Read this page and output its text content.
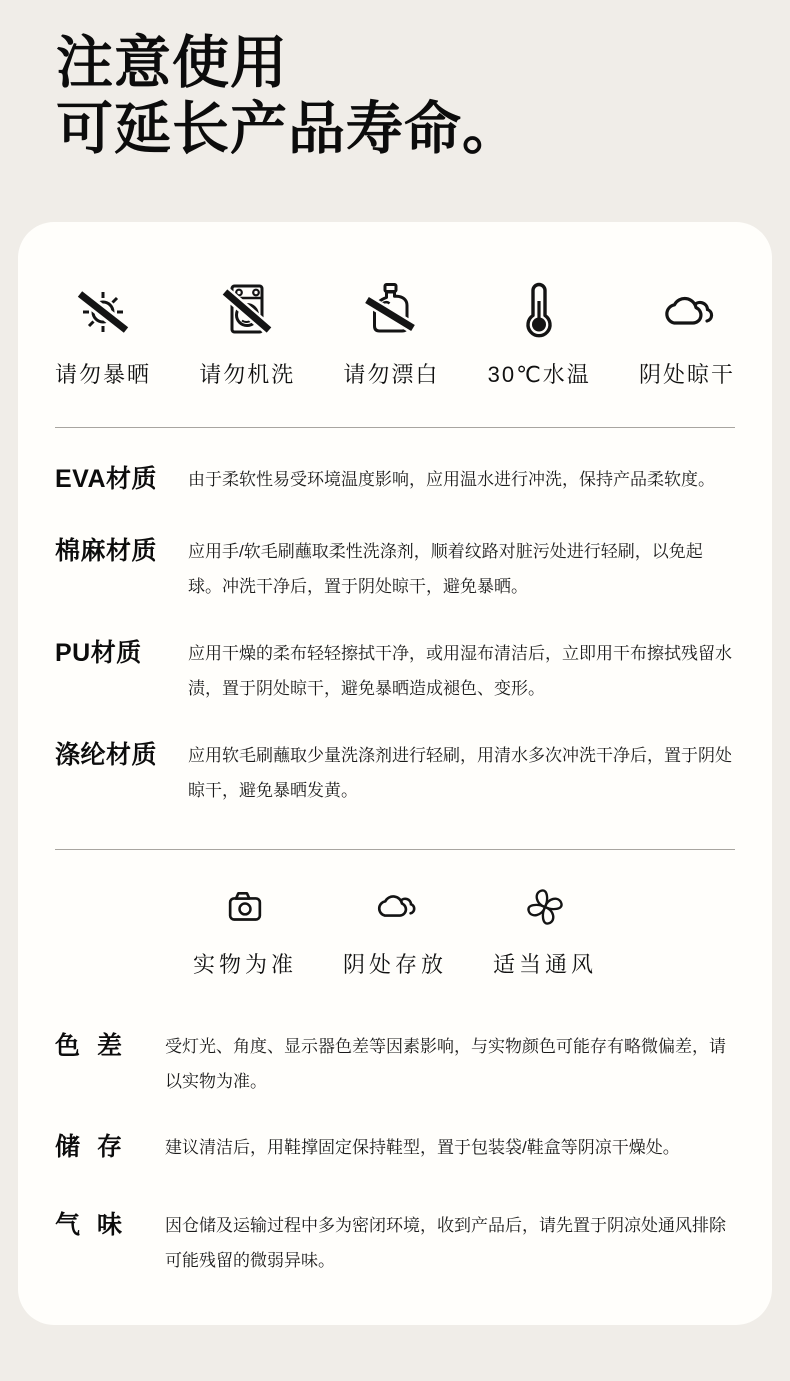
注意使用
可延长产品寿命。
请勿暴晒 请勿机洗 请勿漂白 30℃水温 阴处晾干
EVA材质	由于柔软性易受环境温度影响，应用温水进行冲洗，保持产品柔软度。
棉麻材质	应用手/软毛刷蘸取柔性洗涤剂，顺着纹路对脏污处进行轻刷，以免起球。冲洗干净后，置于阴处晾干，避免暴晒。
PU材质	应用干燥的柔布轻轻擦拭干净，或用湿布清洁后，立即用干布擦拭残留水渍，置于阴处晾干，避免暴晒造成褪色、变形。
涤纶材质	应用软毛刷蘸取少量洗涤剂进行轻刷，用清水多次冲洗干净后，置于阴处晾干，避免暴晒发黄。
实物为准 阴处存放 适当通风
色 差	受灯光、角度、显示器色差等因素影响，与实物颜色可能存有略微偏差，请以实物为准。
储 存	建议清洁后，用鞋撑固定保持鞋型，置于包装袋/鞋盒等阴凉干燥处。
气 味	因仓储及运输过程中多为密闭环境，收到产品后，请先置于阴凉处通风排除可能残留的微弱异味。
